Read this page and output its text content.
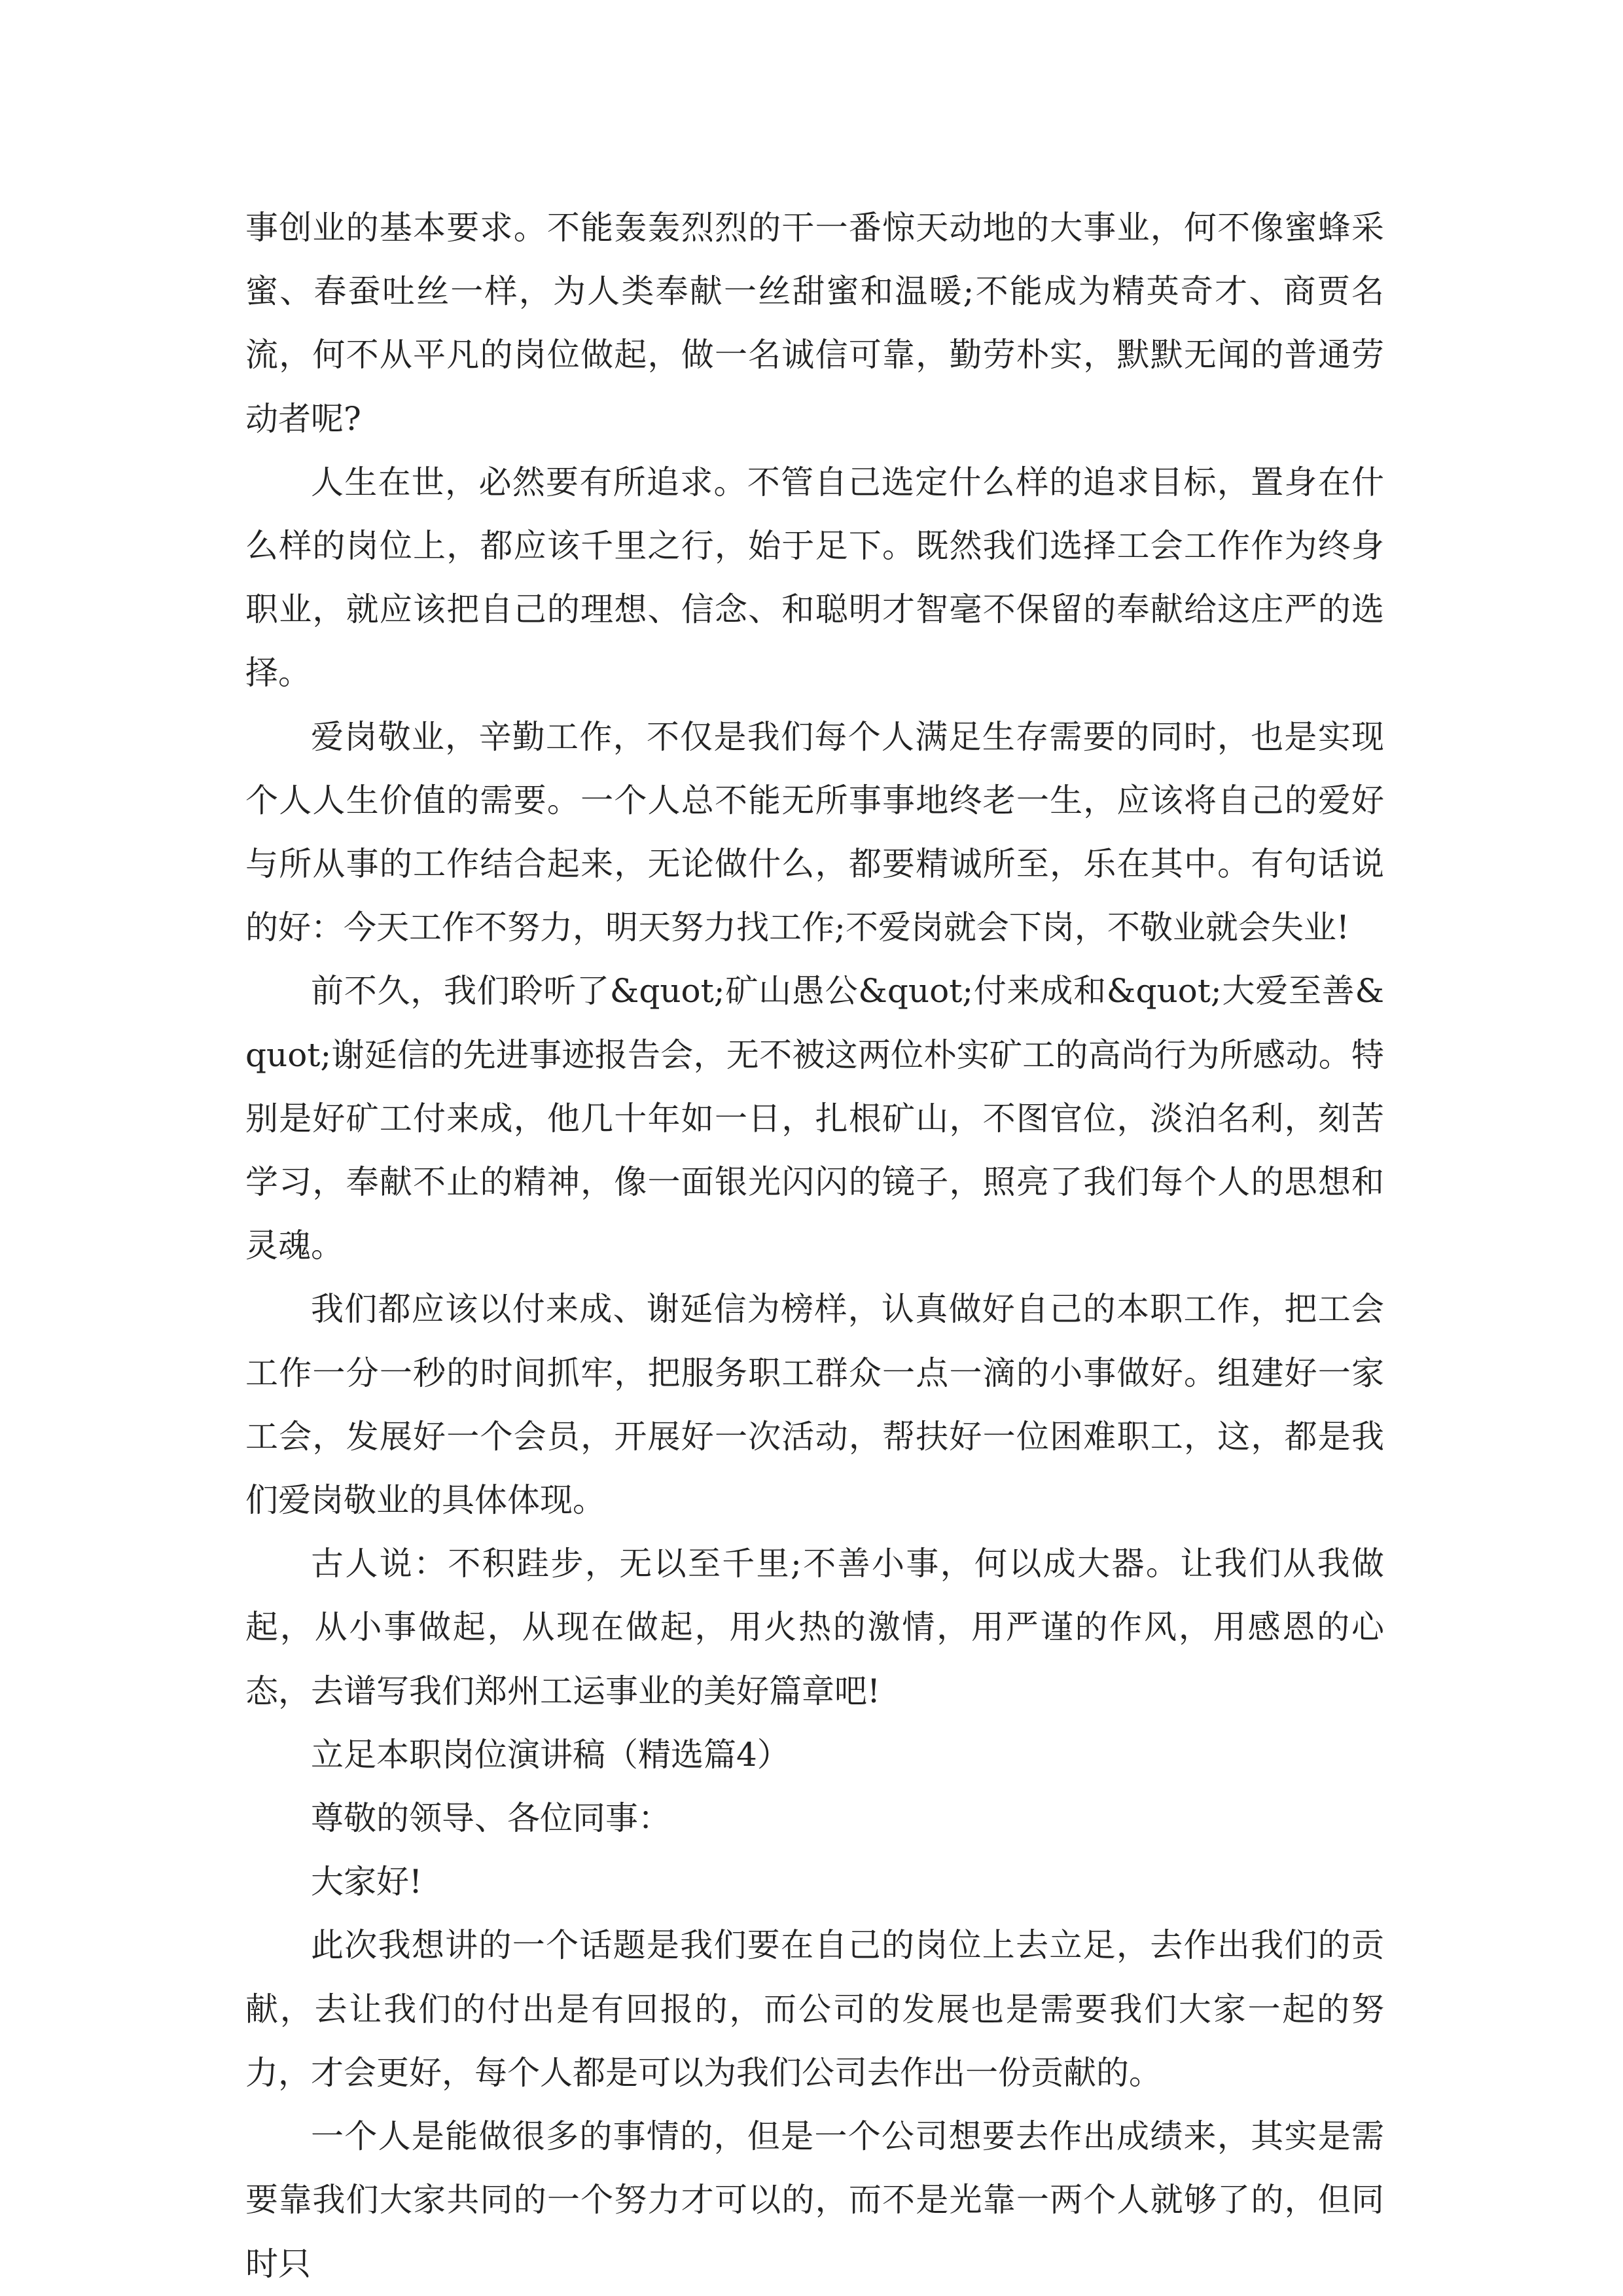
事创业的基本要求。不能轰轰烈烈的干一番惊天动地的大事业，何不像蜜蜂采蜜、春蚕吐丝一样，为人类奉献一丝甜蜜和温暖;不能成为精英奇才、商贾名流，何不从平凡的岗位做起，做一名诚信可靠，勤劳朴实，默默无闻的普通劳动者呢?

人生在世，必然要有所追求。不管自己选定什么样的追求目标，置身在什么样的岗位上，都应该千里之行，始于足下。既然我们选择工会工作作为终身职业，就应该把自己的理想、信念、和聪明才智毫不保留的奉献给这庄严的选择。

爱岗敬业，辛勤工作，不仅是我们每个人满足生存需要的同时，也是实现个人人生价值的需要。一个人总不能无所事事地终老一生，应该将自己的爱好与所从事的工作结合起来，无论做什么，都要精诚所至，乐在其中。有句话说的好：今天工作不努力，明天努力找工作;不爱岗就会下岗，不敬业就会失业!

前不久，我们聆听了&quot;矿山愚公&quot;付来成和&quot;大爱至善&quot;谢延信的先进事迹报告会，无不被这两位朴实矿工的高尚行为所感动。特别是好矿工付来成，他几十年如一日，扎根矿山，不图官位，淡泊名利，刻苦学习，奉献不止的精神，像一面银光闪闪的镜子，照亮了我们每个人的思想和灵魂。

我们都应该以付来成、谢延信为榜样，认真做好自己的本职工作，把工会工作一分一秒的时间抓牢，把服务职工群众一点一滴的小事做好。组建好一家工会，发展好一个会员，开展好一次活动，帮扶好一位困难职工，这，都是我们爱岗敬业的具体体现。

古人说：不积跬步，无以至千里;不善小事，何以成大器。让我们从我做起，从小事做起，从现在做起，用火热的激情，用严谨的作风，用感恩的心态，去谱写我们郑州工运事业的美好篇章吧!

立足本职岗位演讲稿（精选篇4）

尊敬的领导、各位同事：

大家好!

此次我想讲的一个话题是我们要在自己的岗位上去立足，去作出我们的贡献，去让我们的付出是有回报的，而公司的发展也是需要我们大家一起的努力，才会更好，每个人都是可以为我们公司去作出一份贡献的。

一个人是能做很多的事情的，但是一个公司想要去作出成绩来，其实是需要靠我们大家共同的一个努力才可以的，而不是光靠一两个人就够了的，但同时只
